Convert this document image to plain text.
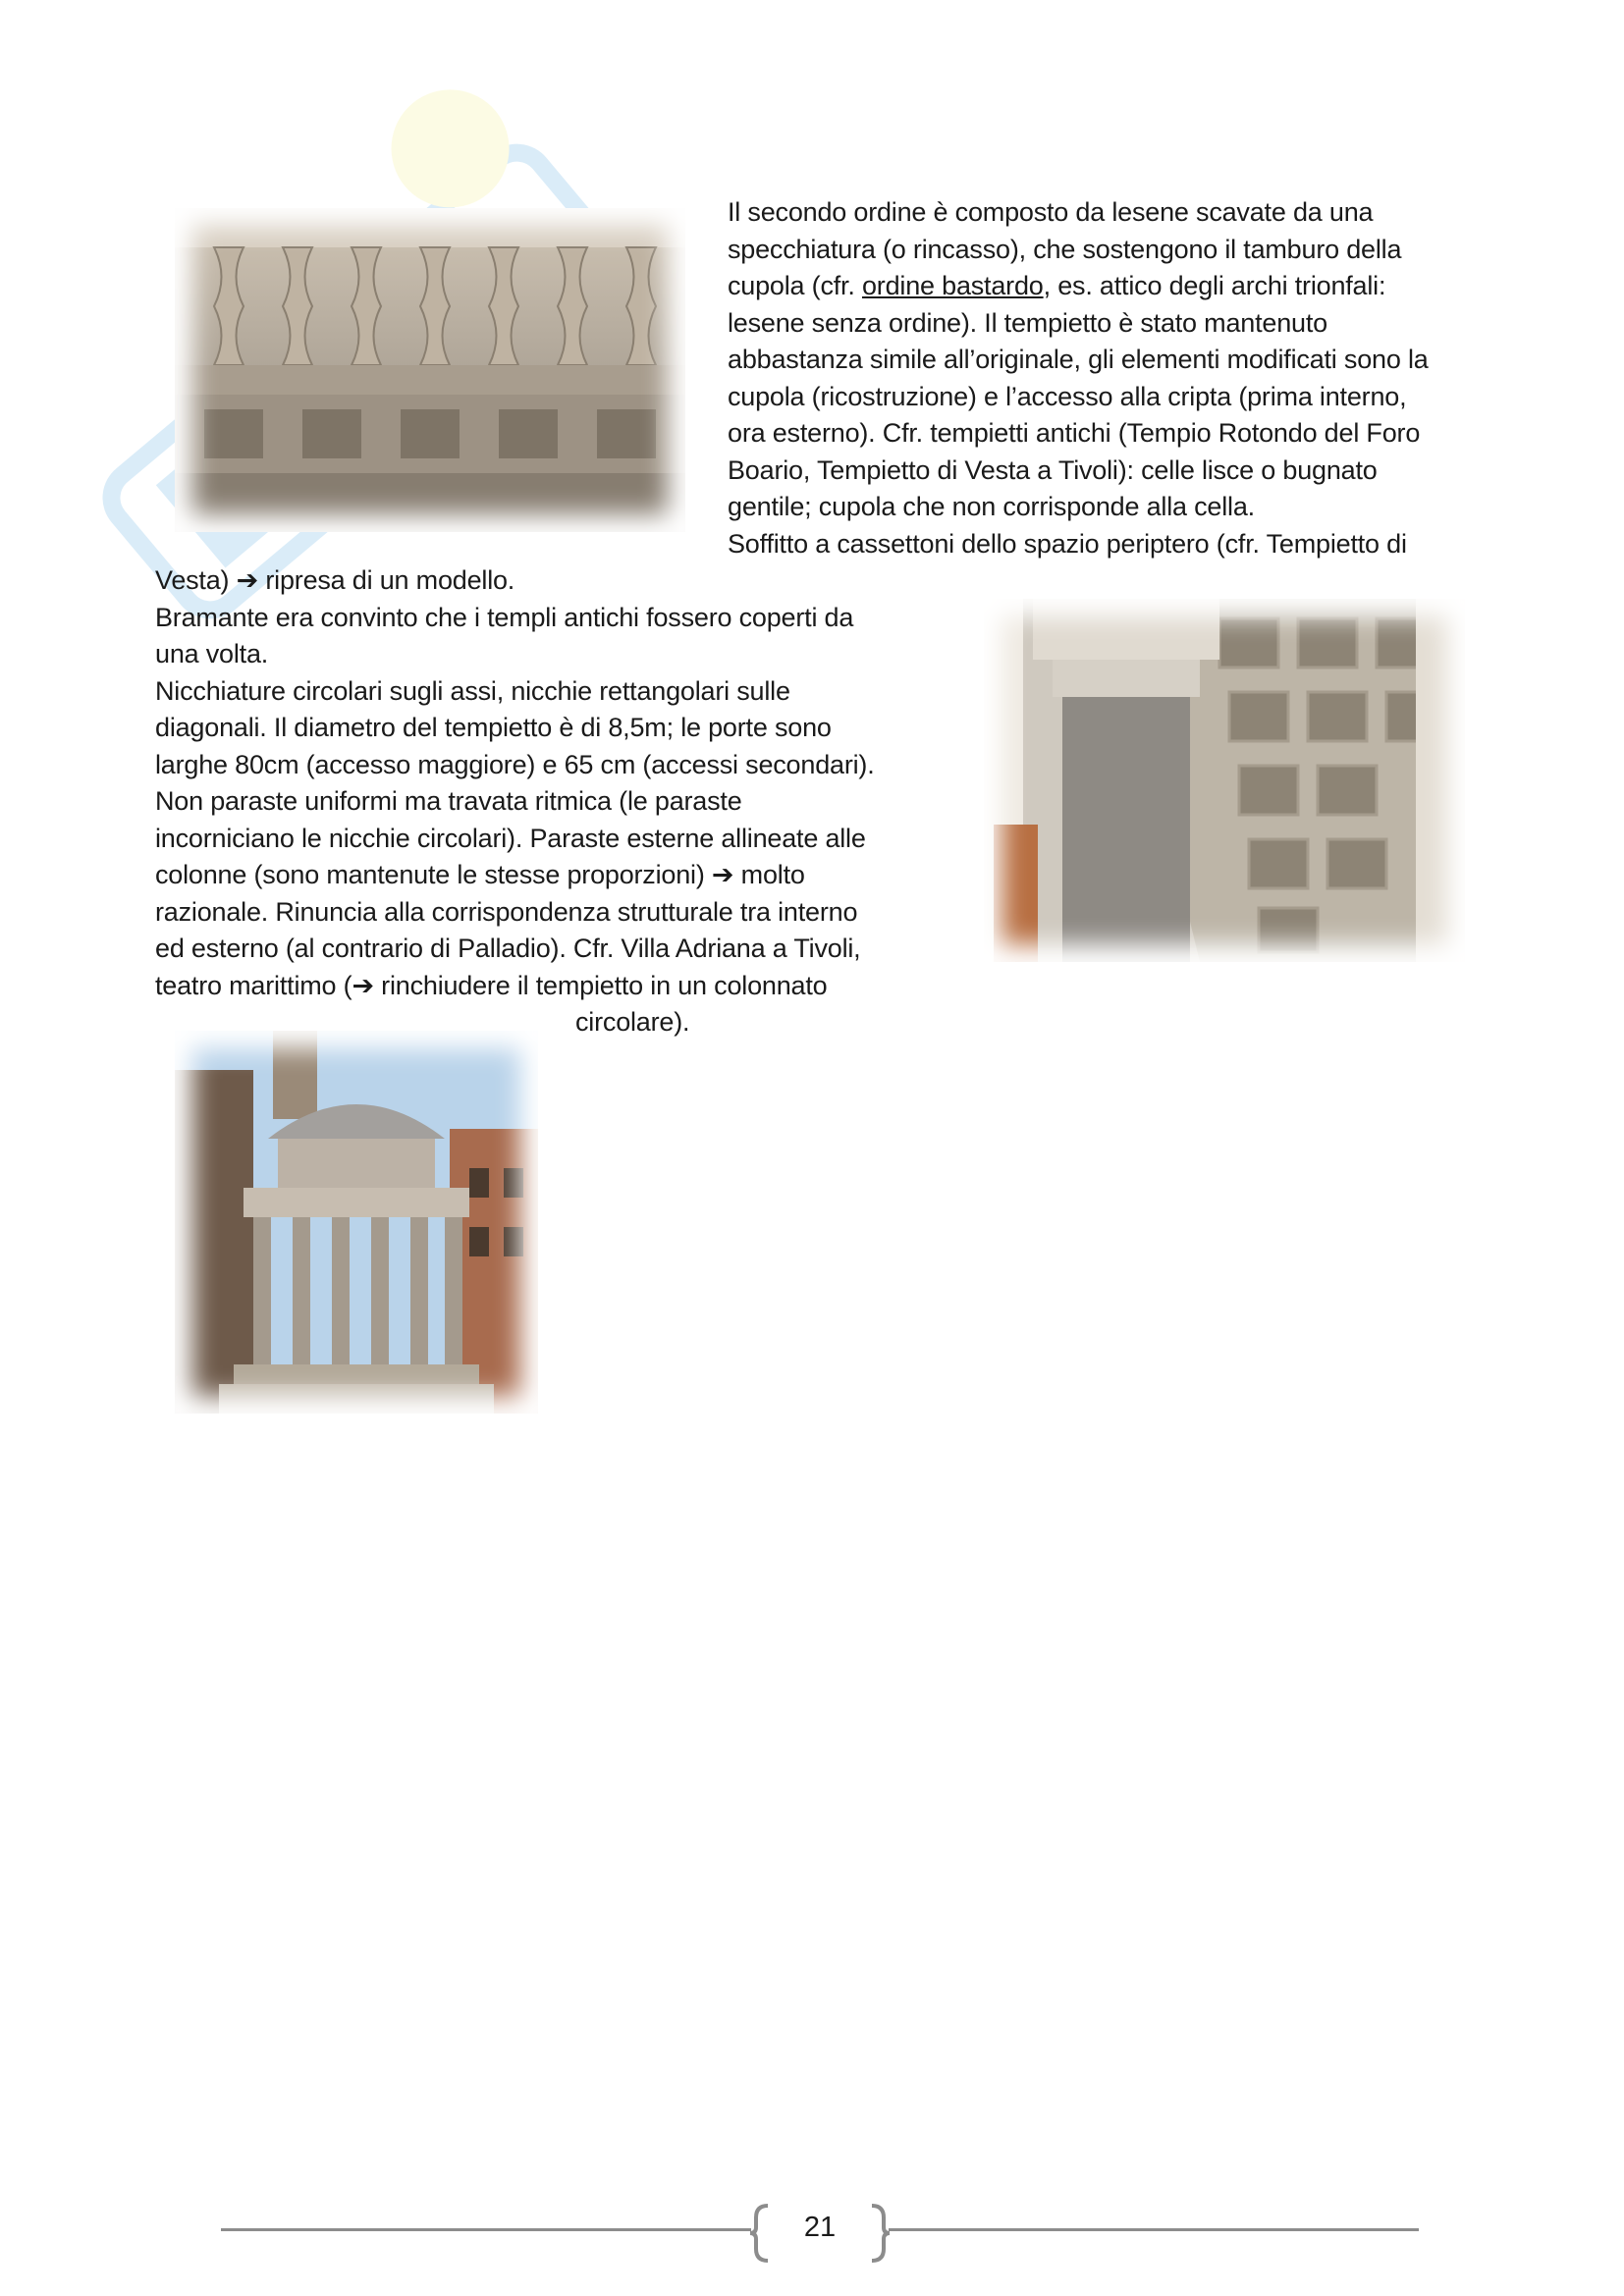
Il secondo ordine è composto da lesene scavate da una
specchiatura (o rincasso), che sostengono il tamburo della
cupola (cfr. ordine bastardo, es. attico degli archi trionfali:
lesene senza ordine). Il tempietto è stato mantenuto
abbastanza simile all’originale, gli elementi modificati sono la
cupola (ricostruzione) e l’accesso alla cripta (prima interno,
ora esterno). Cfr. tempietti antichi (Tempio Rotondo del Foro
Boario, Tempietto di Vesta a Tivoli): celle lisce o bugnato
gentile; cupola che non corrisponde alla cella.
Soffitto a cassettoni dello spazio periptero (cfr. Tempietto di
Vesta) ➔ ripresa di un modello.
Bramante era convinto che i templi antichi fossero coperti da
una volta.
Nicchiature circolari sugli assi, nicchie rettangolari sulle
diagonali. Il diametro del tempietto è di 8,5m; le porte sono
larghe 80cm (accesso maggiore) e 65 cm (accessi secondari).
Non paraste uniformi ma travata ritmica (le paraste
incorniciano le nicchie circolari). Paraste esterne allineate alle
colonne (sono mantenute le stesse proporzioni) ➔ molto
razionale. Rinuncia alla corrispondenza strutturale tra interno
ed esterno (al contrario di Palladio). Cfr. Villa Adriana a Tivoli,
teatro marittimo (➔ rinchiudere il tempietto in un colonnato
circolare).
21
